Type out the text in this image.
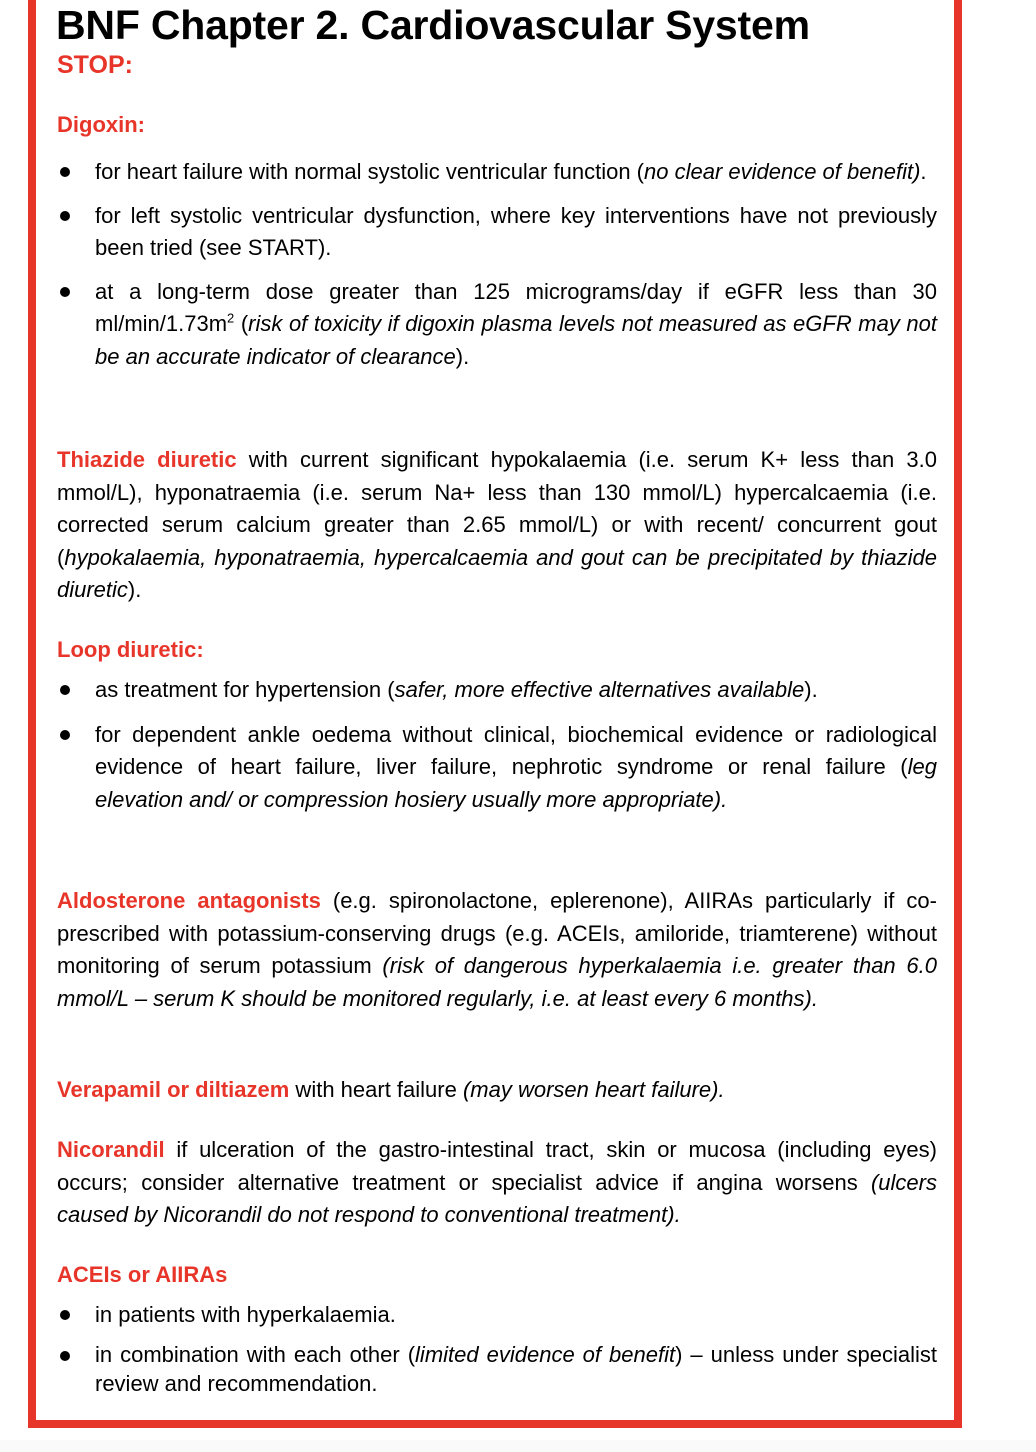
BNF Chapter 2. Cardiovascular System
STOP:
Digoxin:
for heart failure with normal systolic ventricular function (no clear evidence of benefit).
for left systolic ventricular dysfunction, where key interventions have not previously been tried (see START).
at a long-term dose greater than 125 micrograms/day if eGFR less than 30 $ml/\min/1.73m^2$ (risk of toxicity if digoxin plasma levels not measured as eGFR may not be an accurate indicator of clearance).
Thiazide diuretic with current significant hypokalaemia (i.e. serum K+ less than 3.0 mmol/L), hyponatraemia (i.e. serum Na+ less than 130 mmol/L) hypercalcaemia (i.e. corrected serum calcium greater than 2.65 mmol/L) or with recent/ concurrent gout (hypokalaemia, hyponatraemia, hypercalcaemia and gout can be precipitated by thiazide diuretic).
Loop diuretic:
as treatment for hypertension (safer, more effective alternatives available).
for dependent ankle oedema without clinical, biochemical evidence or radiological evidence of heart failure, liver failure, nephrotic syndrome or renal failure (leg elevation and/ or compression hosiery usually more appropriate).
Aldosterone antagonists (e.g. spironolactone, eplerenone), AIIRAs particularly if co-prescribed with potassium-conserving drugs (e.g. ACEIs, amiloride, triamterene) without monitoring of serum potassium (risk of dangerous hyperkalaemia i.e. greater than 6.0 mmol/L – serum K should be monitored regularly, i.e. at least every 6 months).
Verapamil or diltiazem with heart failure (may worsen heart failure).
Nicorandil if ulceration of the gastro-intestinal tract, skin or mucosa (including eyes) occurs; consider alternative treatment or specialist advice if angina worsens (ulcers caused by Nicorandil do not respond to conventional treatment).
ACEIs or AIIRAs
in patients with hyperkalaemia.
in combination with each other (limited evidence of benefit) – unless under specialist review and recommendation.
